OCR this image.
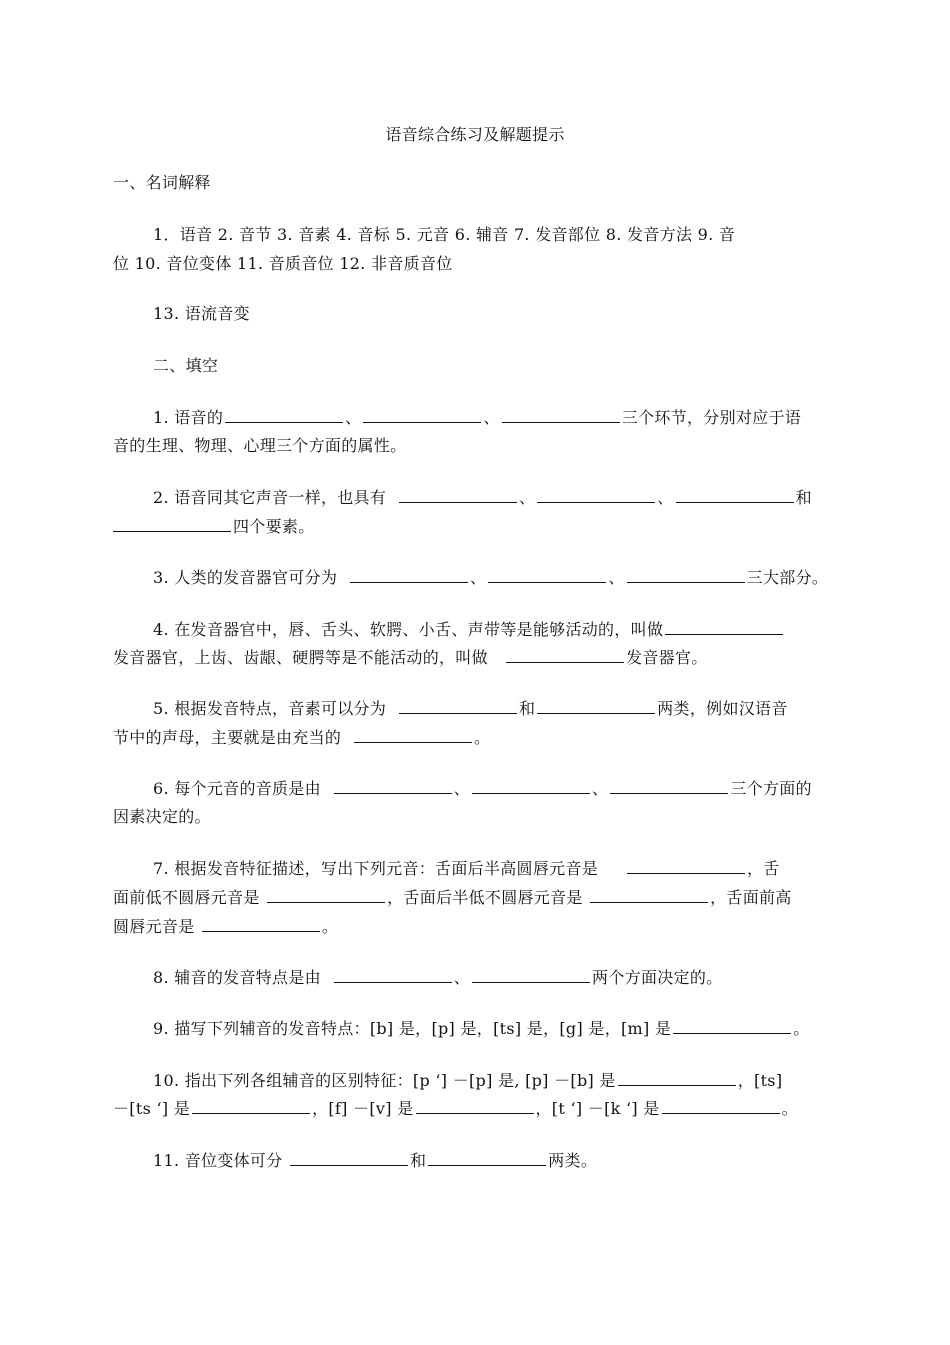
语音综合练习及解题提示
一、名词解释
1．语音 2. 音节 3. 音素 4. 音标 5. 元音 6. 辅音 7. 发音部位 8. 发音方法 9. 音
位 10. 音位变体 11. 音质音位 12. 非音质音位
13. 语流音变
二、填空
1. 语音的	、	、	三个环节，分别对应于语
音的生理、物理、心理三个方面的属性。
2. 语音同其它声音一样，也具有	、	、	和
四个要素。
3. 人类的发音器官可分为	、	、	三大部分。
4. 在发音器官中，唇、舌头、软腭、小舌、声带等是能够活动的，叫做
发音器官，上齿、齿龈、硬腭等是不能活动的，叫做	发音器官。
5. 根据发音特点，音素可以分为	和	两类，例如汉语音
节中的声母，主要就是由充当的	。
6. 每个元音的音质是由	、	、	三个方面的
因素决定的。
7. 根据发音特征描述，写出下列元音：舌面后半高圆唇元音是	，舌
面前低不圆唇元音是	，舌面后半低不圆唇元音是	，舌面前高
圆唇元音是	。
8. 辅音的发音特点是由	、	两个方面决定的。
9. 描写下列辅音的发音特点：[b] 是，[p] 是，[ts] 是，[g] 是，[m] 是	。
10. 指出下列各组辅音的区别特征：[p ‘] －[p] 是, [p] －[b] 是	，[ts]
－[ts ‘] 是	，[f] －[v] 是	，[t ‘] －[k ‘] 是	。
11. 音位变体可分	和	两类。
